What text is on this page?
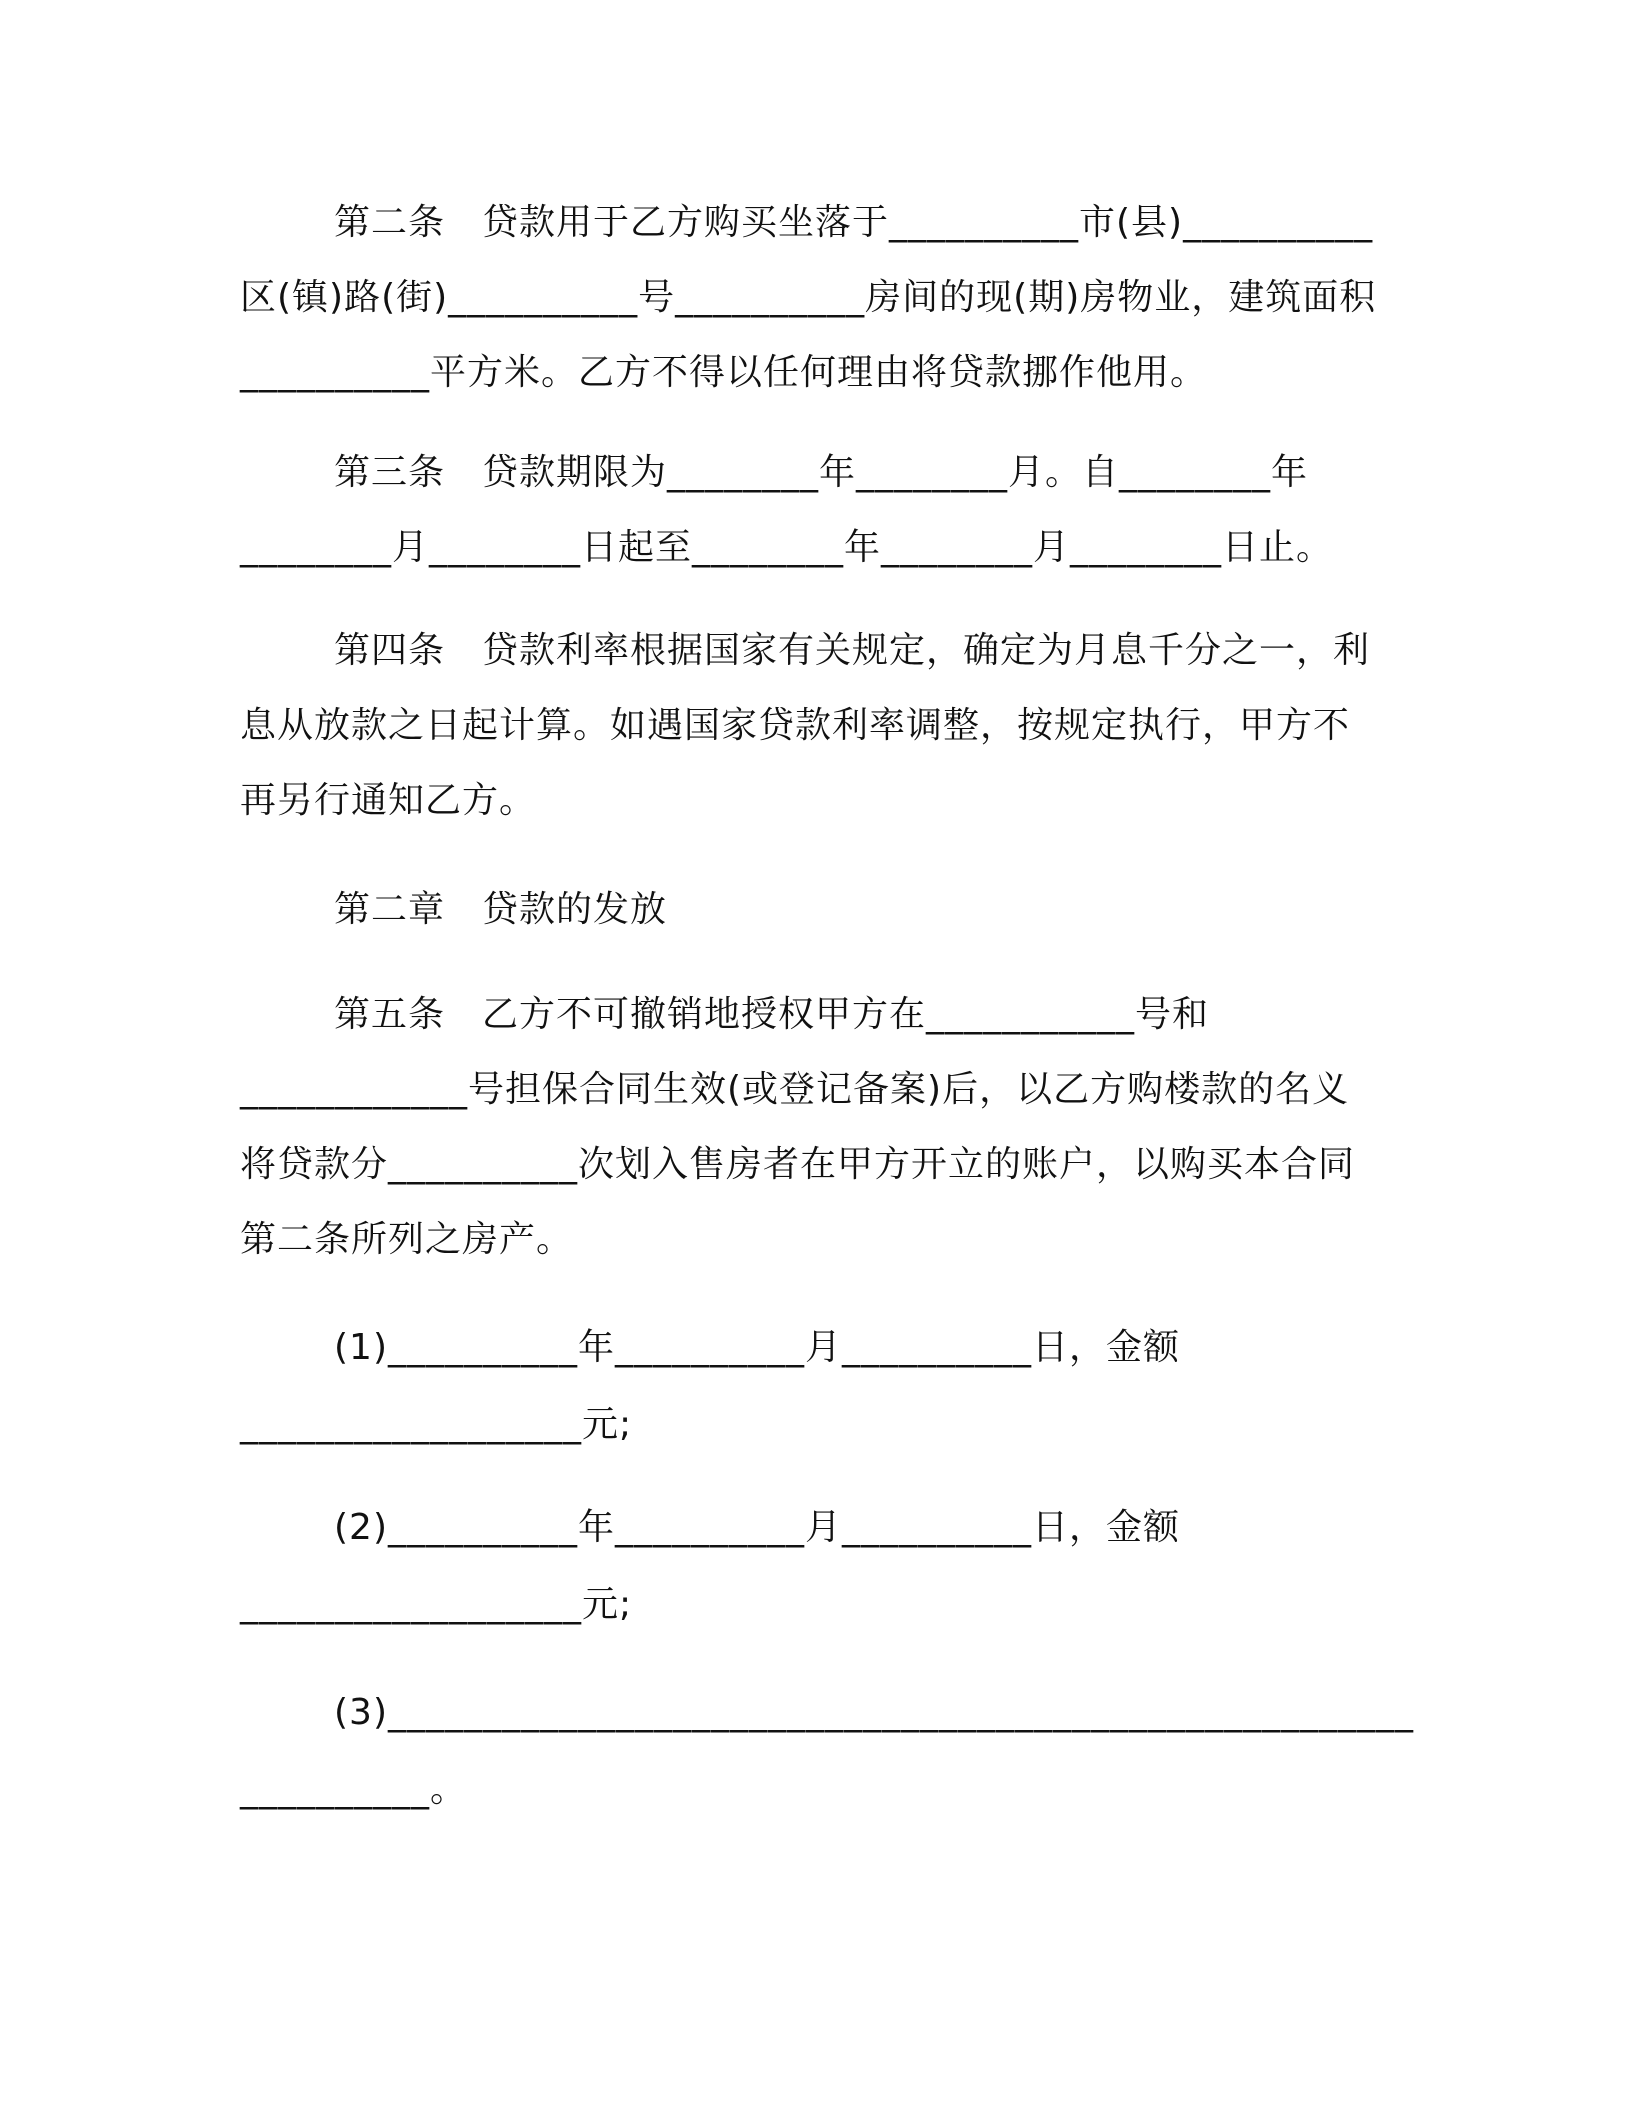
第二条　贷款用于乙方购买坐落于__________市(县)__________

区(镇)路(街)__________号__________房间的现(期)房物业，建筑面积

__________平方米。乙方不得以任何理由将贷款挪作他用。

第三条　贷款期限为________年________月。自________年

________月________日起至________年________月________日止。

第四条　贷款利率根据国家有关规定，确定为月息千分之一，利

息从放款之日起计算。如遇国家贷款利率调整，按规定执行，甲方不

再另行通知乙方。

第二章　贷款的发放

第五条　乙方不可撤销地授权甲方在___________号和

____________号担保合同生效(或登记备案)后，以乙方购楼款的名义

将贷款分__________次划入售房者在甲方开立的账户，以购买本合同

第二条所列之房产。

(1)__________年__________月__________日，金额

__________________元;

(2)__________年__________月__________日，金额

__________________元;

(3)______________________________________________________

__________。
